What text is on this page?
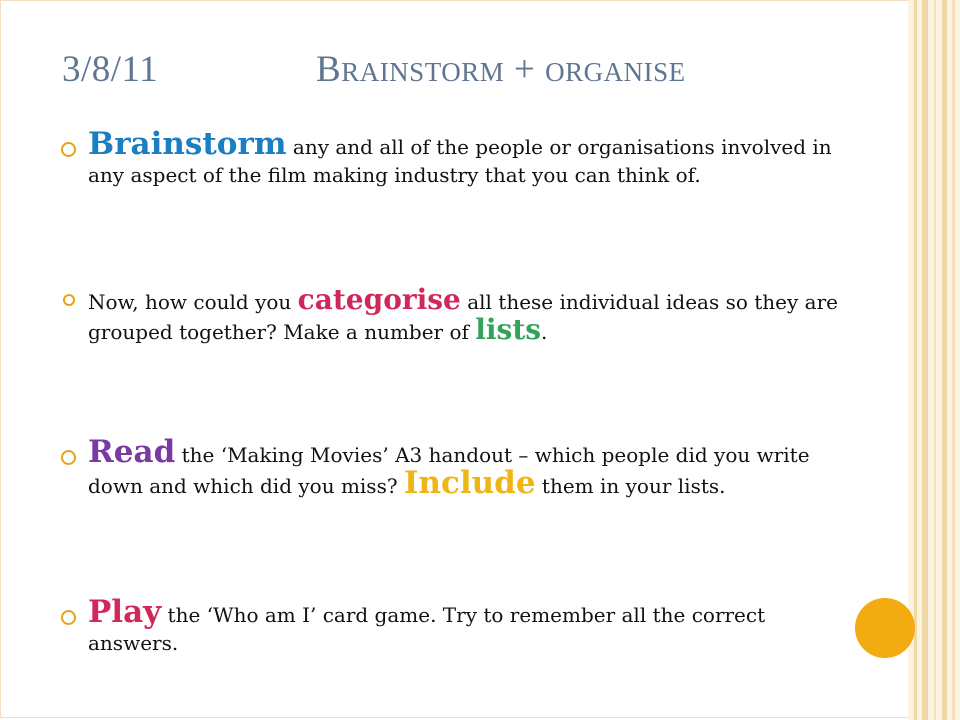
3/8/11	BRAINSTORM + ORGANISE
Brainstorm any and all of the people or organisations involved in any aspect of the film making industry that you can think of.
Now, how could you categorise all these individual ideas so they are grouped together? Make a number of lists.
Read the ‘Making Movies’ A3 handout – which people did you write down and which did you miss? Include them in your lists.
Play the ‘Who am I’ card game. Try to remember all the correct answers.
